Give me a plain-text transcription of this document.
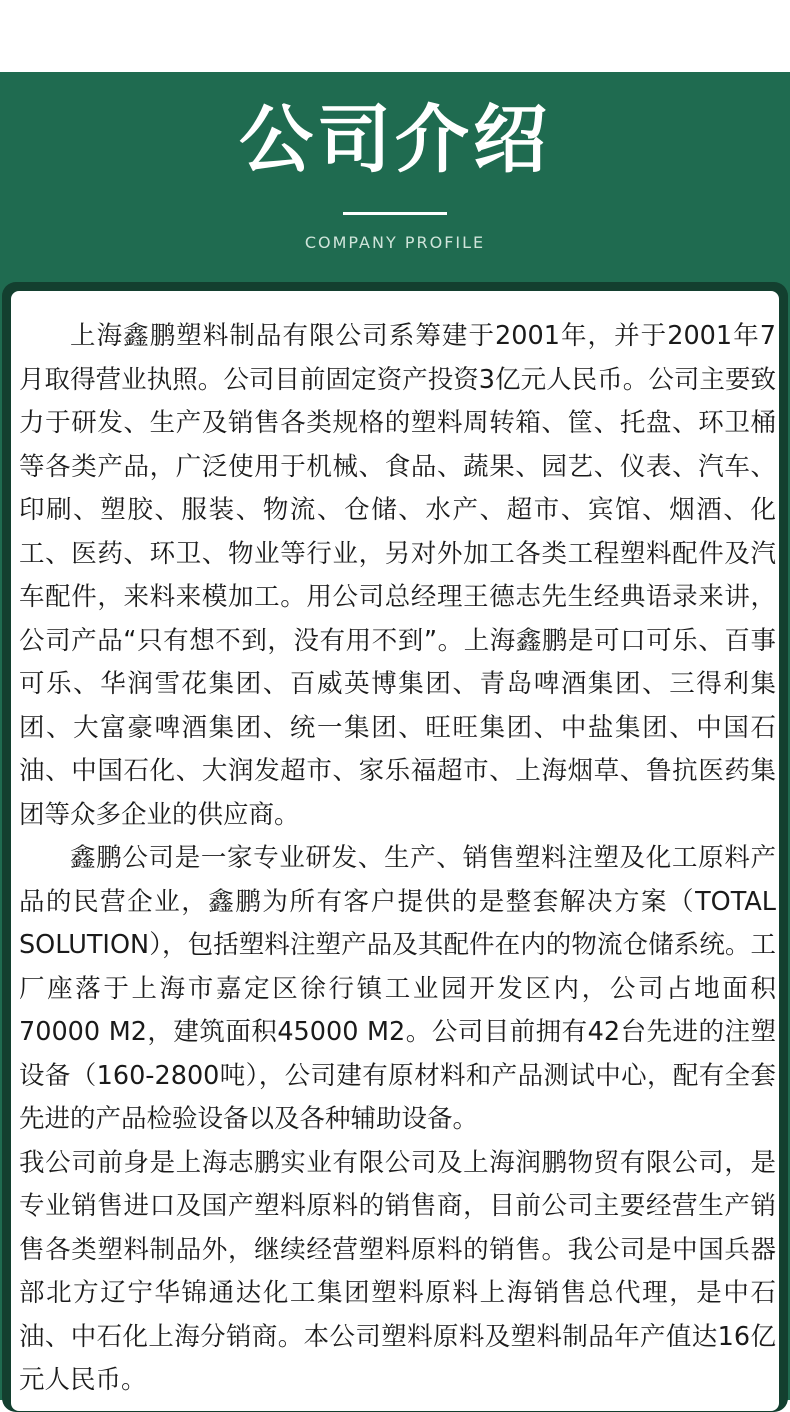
公司介绍
COMPANY PROFILE

上海鑫鹏塑料制品有限公司系筹建于2001年，并于2001年7月取得营业执照。公司目前固定资产投资3亿元人民币。公司主要致力于研发、生产及销售各类规格的塑料周转箱、筐、托盘、环卫桶等各类产品，广泛使用于机械、食品、蔬果、园艺、仪表、汽车、印刷、塑胶、服装、物流、仓储、水产、超市、宾馆、烟酒、化工、医药、环卫、物业等行业，另对外加工各类工程塑料配件及汽车配件，来料来模加工。用公司总经理王德志先生经典语录来讲，公司产品“只有想不到，没有用不到”。上海鑫鹏是可口可乐、百事可乐、华润雪花集团、百威英博集团、青岛啤酒集团、三得利集团、大富豪啤酒集团、统一集团、旺旺集团、中盐集团、中国石油、中国石化、大润发超市、家乐福超市、上海烟草、鲁抗医药集团等众多企业的供应商。

鑫鹏公司是一家专业研发、生产、销售塑料注塑及化工原料产品的民营企业，鑫鹏为所有客户提供的是整套解决方案（TOTAL SOLUTION），包括塑料注塑产品及其配件在内的物流仓储系统。工厂座落于上海市嘉定区徐行镇工业园开发区内，公司占地面积70000 M2，建筑面积45000 M2。公司目前拥有42台先进的注塑设备（160-2800吨），公司建有原材料和产品测试中心，配有全套先进的产品检验设备以及各种辅助设备。

我公司前身是上海志鹏实业有限公司及上海润鹏物贸有限公司，是专业销售进口及国产塑料原料的销售商，目前公司主要经营生产销售各类塑料制品外，继续经营塑料原料的销售。我公司是中国兵器部北方辽宁华锦通达化工集团塑料原料上海销售总代理，是中石油、中石化上海分销商。本公司塑料原料及塑料制品年产值达16亿元人民币。
